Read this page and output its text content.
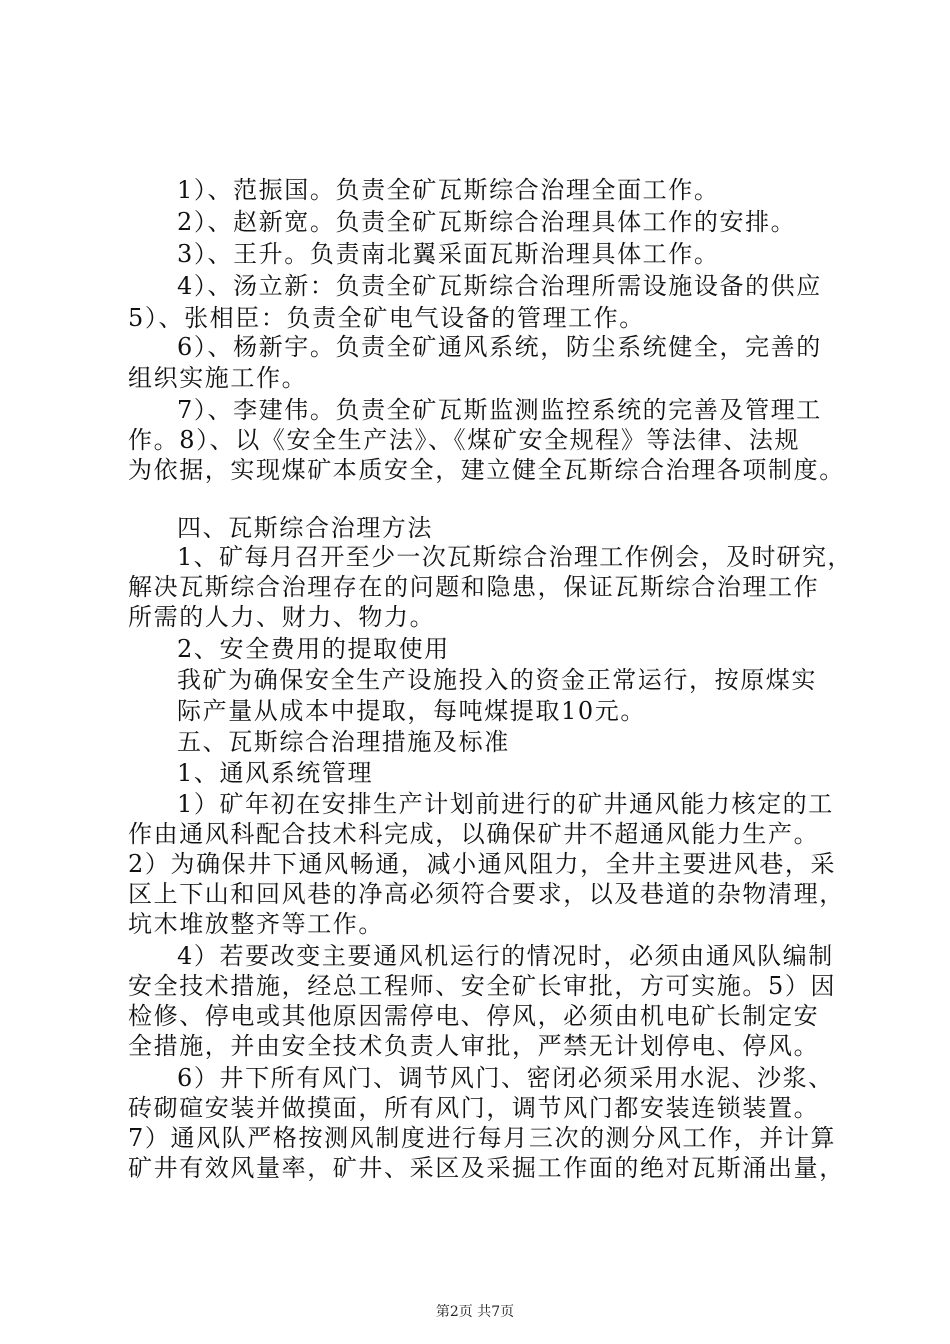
1）、范振国。负责全矿瓦斯综合治理全面工作。
2）、赵新宽。负责全矿瓦斯综合治理具体工作的安排。
3）、王升。负责南北翼采面瓦斯治理具体工作。
4）、汤立新：负责全矿瓦斯综合治理所需设施设备的供应
5）、张相臣：负责全矿电气设备的管理工作。
6）、杨新宇。负责全矿通风系统，防尘系统健全，完善的
组织实施工作。
7）、李建伟。负责全矿瓦斯监测监控系统的完善及管理工
作。8）、以《安全生产法》、《煤矿安全规程》等法律、法规
为依据，实现煤矿本质安全，建立健全瓦斯综合治理各项制度。
四、瓦斯综合治理方法
1、矿每月召开至少一次瓦斯综合治理工作例会，及时研究，
解决瓦斯综合治理存在的问题和隐患，保证瓦斯综合治理工作
所需的人力、财力、物力。
2、安全费用的提取使用
我矿为确保安全生产设施投入的资金正常运行，按原煤实
际产量从成本中提取，每吨煤提取10元。
五、瓦斯综合治理措施及标准
1、通风系统管理
1）矿年初在安排生产计划前进行的矿井通风能力核定的工
作由通风科配合技术科完成，以确保矿井不超通风能力生产。
2）为确保井下通风畅通，减小通风阻力，全井主要进风巷，采
区上下山和回风巷的净高必须符合要求，以及巷道的杂物清理，
坑木堆放整齐等工作。
4）若要改变主要通风机运行的情况时，必须由通风队编制
安全技术措施，经总工程师、安全矿长审批，方可实施。5）因
检修、停电或其他原因需停电、停风，必须由机电矿长制定安
全措施，并由安全技术负责人审批，严禁无计划停电、停风。
6）井下所有风门、调节风门、密闭必须采用水泥、沙浆、
砖砌碹安装并做摸面，所有风门，调节风门都安装连锁装置。
7）通风队严格按测风制度进行每月三次的测分风工作，并计算
矿井有效风量率，矿井、采区及采掘工作面的绝对瓦斯涌出量，
第2页 共7页
